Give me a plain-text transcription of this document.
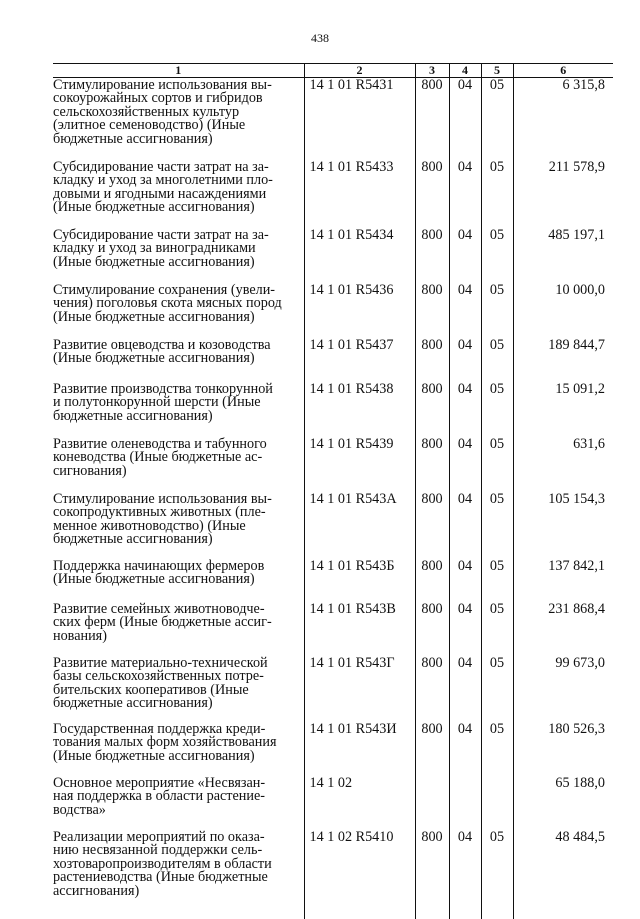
438
1	2	3	4	5	6

Стимулирование использования вы-
сокоурожайных сортов и гибридов
сельскохозяйственных культур
(элитное семеноводство) (Иные
бюджетные ассигнования)	14 1 01 R5431	800	04	05	6 315,8

Субсидирование части затрат на за-
кладку и уход за многолетними пло-
довыми и ягодными насаждениями
(Иные бюджетные ассигнования)	14 1 01 R5433	800	04	05	211 578,9

Субсидирование части затрат на за-
кладку и уход за виноградниками
(Иные бюджетные ассигнования)	14 1 01 R5434	800	04	05	485 197,1

Стимулирование сохранения (увели-
чения) поголовья скота мясных пород
(Иные бюджетные ассигнования)	14 1 01 R5436	800	04	05	10 000,0

Развитие овцеводства и козоводства
(Иные бюджетные ассигнования)	14 1 01 R5437	800	04	05	189 844,7

Развитие производства тонкорунной
и полутонкорунной шерсти (Иные
бюджетные ассигнования)	14 1 01 R5438	800	04	05	15 091,2

Развитие оленеводства и табунного
коневодства (Иные бюджетные ас-
сигнования)	14 1 01 R5439	800	04	05	631,6

Стимулирование использования вы-
сокопродуктивных животных (пле-
менное животноводство) (Иные
бюджетные ассигнования)	14 1 01 R543А	800	04	05	105 154,3

Поддержка начинающих фермеров
(Иные бюджетные ассигнования)	14 1 01 R543Б	800	04	05	137 842,1

Развитие семейных животноводче-
ских ферм (Иные бюджетные ассиг-
нования)	14 1 01 R543В	800	04	05	231 868,4

Развитие материально-технической
базы сельскохозяйственных потре-
бительских кооперативов (Иные
бюджетные ассигнования)	14 1 01 R543Г	800	04	05	99 673,0

Государственная поддержка креди-
тования малых форм хозяйствования
(Иные бюджетные ассигнования)	14 1 01 R543И	800	04	05	180 526,3

Основное мероприятие «Несвязан-
ная поддержка в области растение-
водства»	14 1 02				65 188,0

Реализации мероприятий по оказа-
нию несвязанной поддержки сель-
хозтоваропроизводителям в области
растениеводства (Иные бюджетные
ассигнования)	14 1 02 R5410	800	04	05	48 484,5
